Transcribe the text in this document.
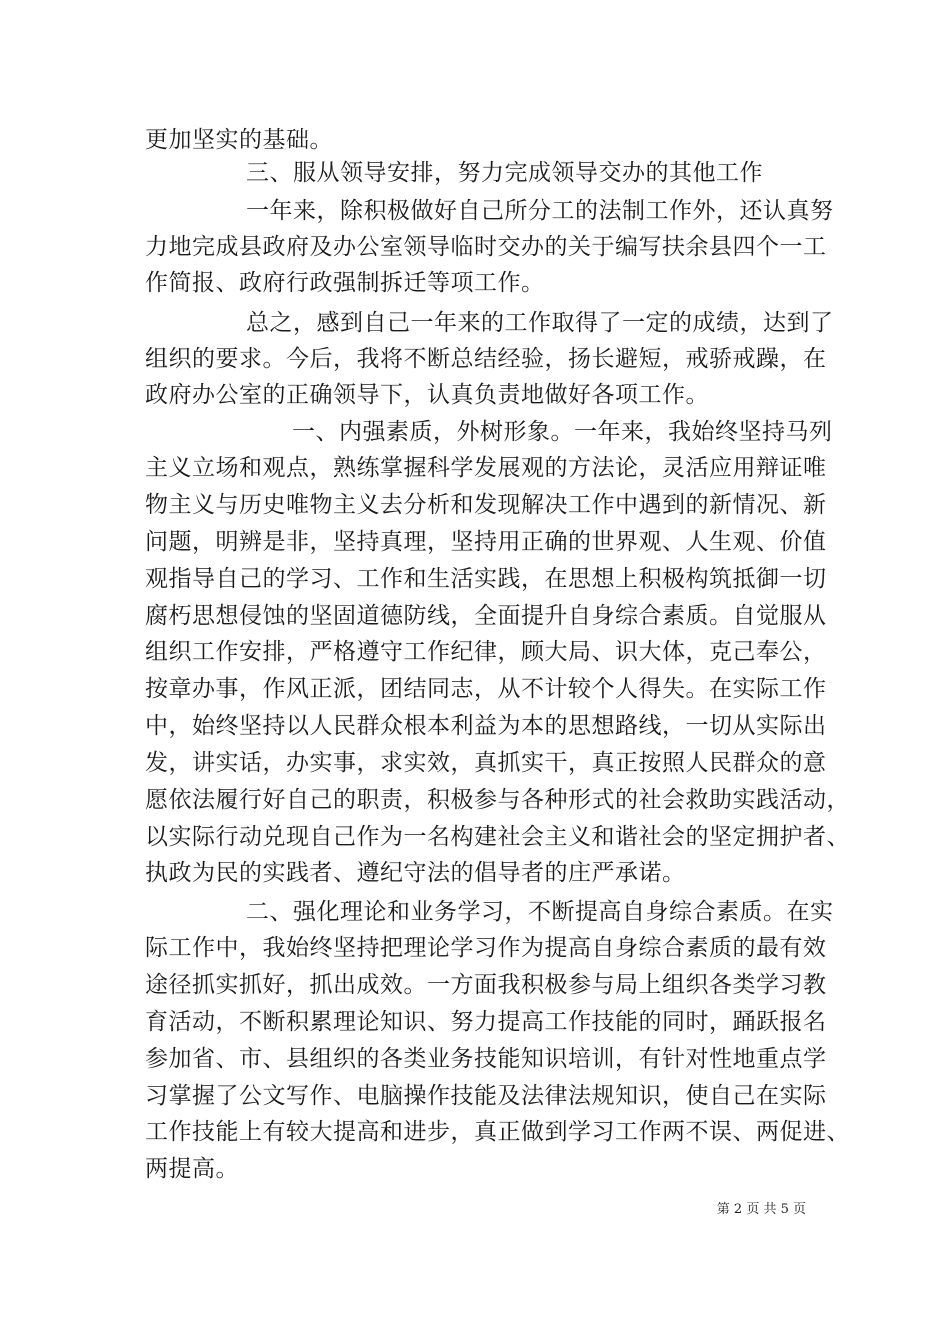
更加坚实的基础。
三、服从领导安排，努力完成领导交办的其他工作
一年来，除积极做好自己所分工的法制工作外，还认真努
力地完成县政府及办公室领导临时交办的关于编写扶余县四个一工
作简报、政府行政强制拆迁等项工作。
总之，感到自己一年来的工作取得了一定的成绩，达到了
组织的要求。今后，我将不断总结经验，扬长避短，戒骄戒躁，在
政府办公室的正确领导下，认真负责地做好各项工作。
一、内强素质，外树形象。一年来，我始终坚持马列
主义立场和观点，熟练掌握科学发展观的方法论，灵活应用辩证唯
物主义与历史唯物主义去分析和发现解决工作中遇到的新情况、新
问题，明辨是非，坚持真理，坚持用正确的世界观、人生观、价值
观指导自己的学习、工作和生活实践，在思想上积极构筑抵御一切
腐朽思想侵蚀的坚固道德防线，全面提升自身综合素质。自觉服从
组织工作安排，严格遵守工作纪律，顾大局、识大体，克己奉公，
按章办事，作风正派，团结同志，从不计较个人得失。在实际工作
中，始终坚持以人民群众根本利益为本的思想路线，一切从实际出
发，讲实话，办实事，求实效，真抓实干，真正按照人民群众的意
愿依法履行好自己的职责，积极参与各种形式的社会救助实践活动，
以实际行动兑现自己作为一名构建社会主义和谐社会的坚定拥护者、
执政为民的实践者、遵纪守法的倡导者的庄严承诺。
二、强化理论和业务学习，不断提高自身综合素质。在实
际工作中，我始终坚持把理论学习作为提高自身综合素质的最有效
途径抓实抓好，抓出成效。一方面我积极参与局上组织各类学习教
育活动，不断积累理论知识、努力提高工作技能的同时，踊跃报名
参加省、市、县组织的各类业务技能知识培训，有针对性地重点学
习掌握了公文写作、电脑操作技能及法律法规知识，使自己在实际
工作技能上有较大提高和进步，真正做到学习工作两不误、两促进、
两提高。
第 2 页 共 5 页
